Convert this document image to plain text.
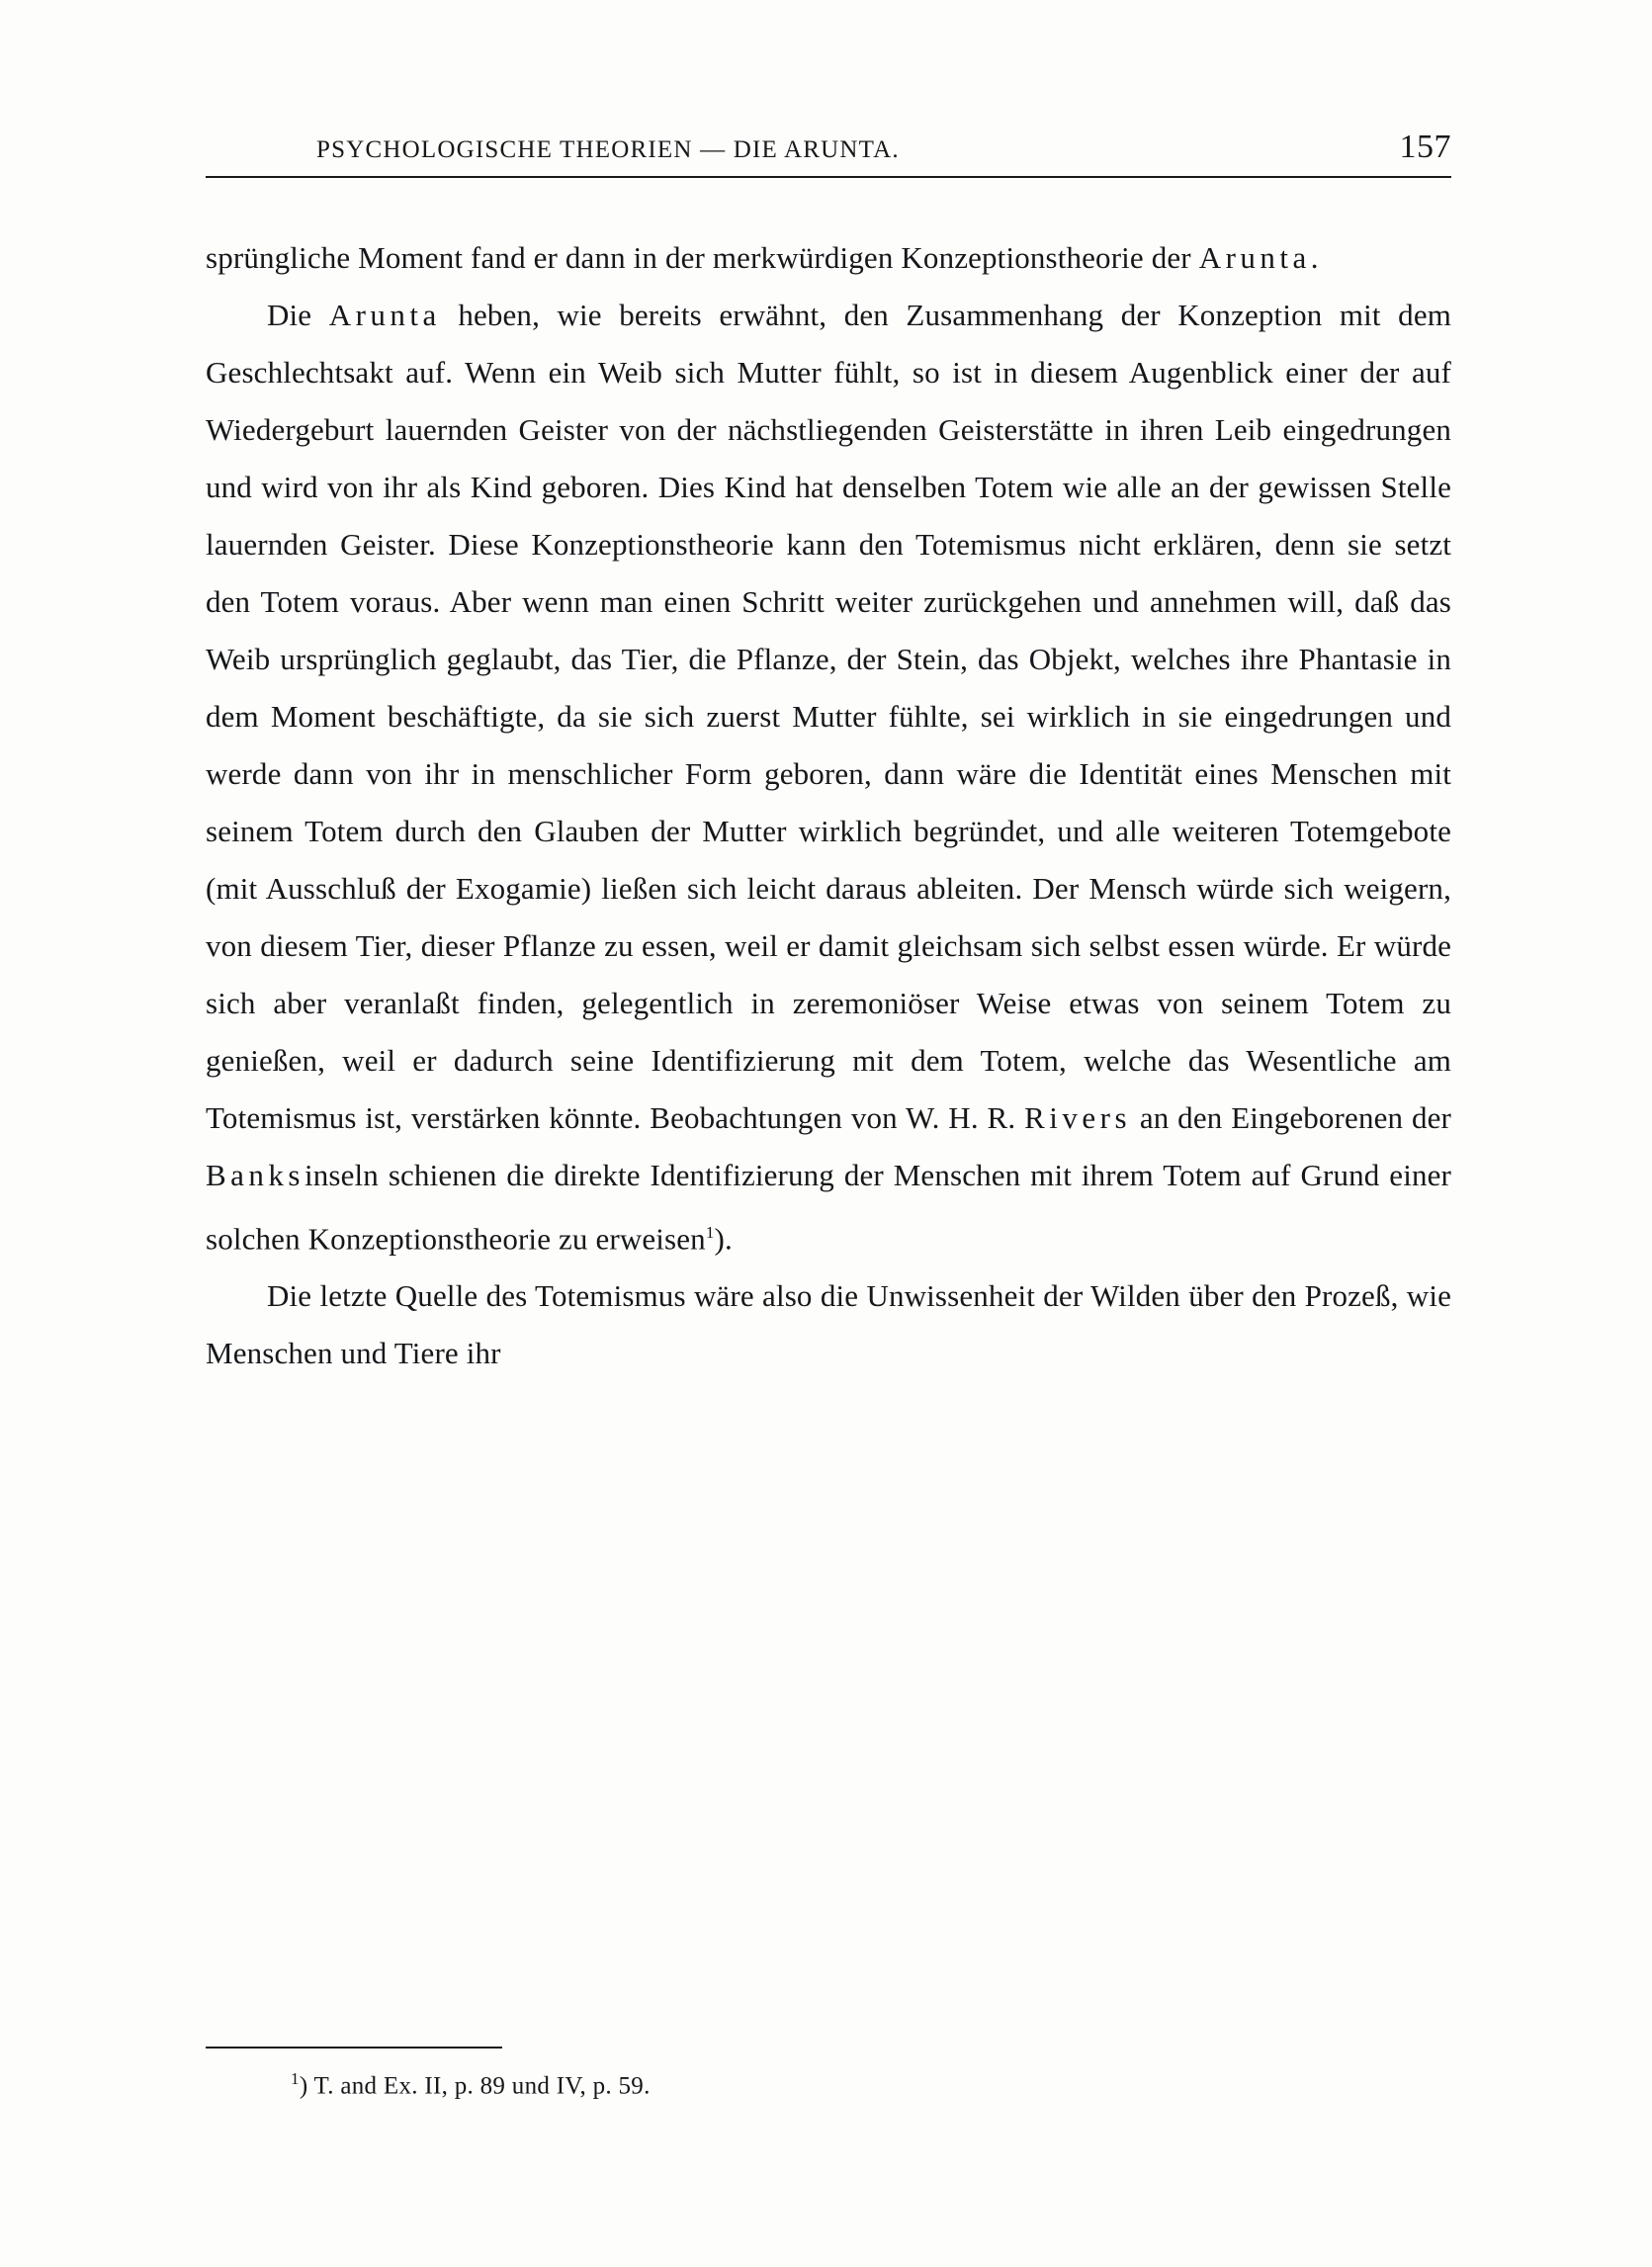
PSYCHOLOGISCHE THEORIEN — DIE ARUNTA.	157

sprüngliche Moment fand er dann in der merkwürdigen Konzeptionstheorie der Arunta.

Die Arunta heben, wie bereits erwähnt, den Zusammenhang der Konzeption mit dem Geschlechtsakt auf. Wenn ein Weib sich Mutter fühlt, so ist in diesem Augenblick einer der auf Wiedergeburt lauernden Geister von der nächstliegenden Geisterstätte in ihren Leib eingedrungen und wird von ihr als Kind geboren. Dies Kind hat denselben Totem wie alle an der gewissen Stelle lauernden Geister. Diese Konzeptionstheorie kann den Totemismus nicht erklären, denn sie setzt den Totem voraus. Aber wenn man einen Schritt weiter zurückgehen und annehmen will, daß das Weib ursprünglich geglaubt, das Tier, die Pflanze, der Stein, das Objekt, welches ihre Phantasie in dem Moment beschäftigte, da sie sich zuerst Mutter fühlte, sei wirklich in sie eingedrungen und werde dann von ihr in menschlicher Form geboren, dann wäre die Identität eines Menschen mit seinem Totem durch den Glauben der Mutter wirklich begründet, und alle weiteren Totemgebote (mit Ausschluß der Exogamie) ließen sich leicht daraus ableiten. Der Mensch würde sich weigern, von diesem Tier, dieser Pflanze zu essen, weil er damit gleichsam sich selbst essen würde. Er würde sich aber veranlaßt finden, gelegentlich in zeremoniöser Weise etwas von seinem Totem zu genießen, weil er dadurch seine Identifizierung mit dem Totem, welche das Wesentliche am Totemismus ist, verstärken könnte. Beobachtungen von W. H. R. Rivers an den Eingeborenen der Banksinseln schienen die direkte Identifizierung der Menschen mit ihrem Totem auf Grund einer solchen Konzeptionstheorie zu erweisen$^1$).

Die letzte Quelle des Totemismus wäre also die Unwissenheit der Wilden über den Prozeß, wie Menschen und Tiere ihr

$^1$) T. and Ex. II, p. 89 und IV, p. 59.
